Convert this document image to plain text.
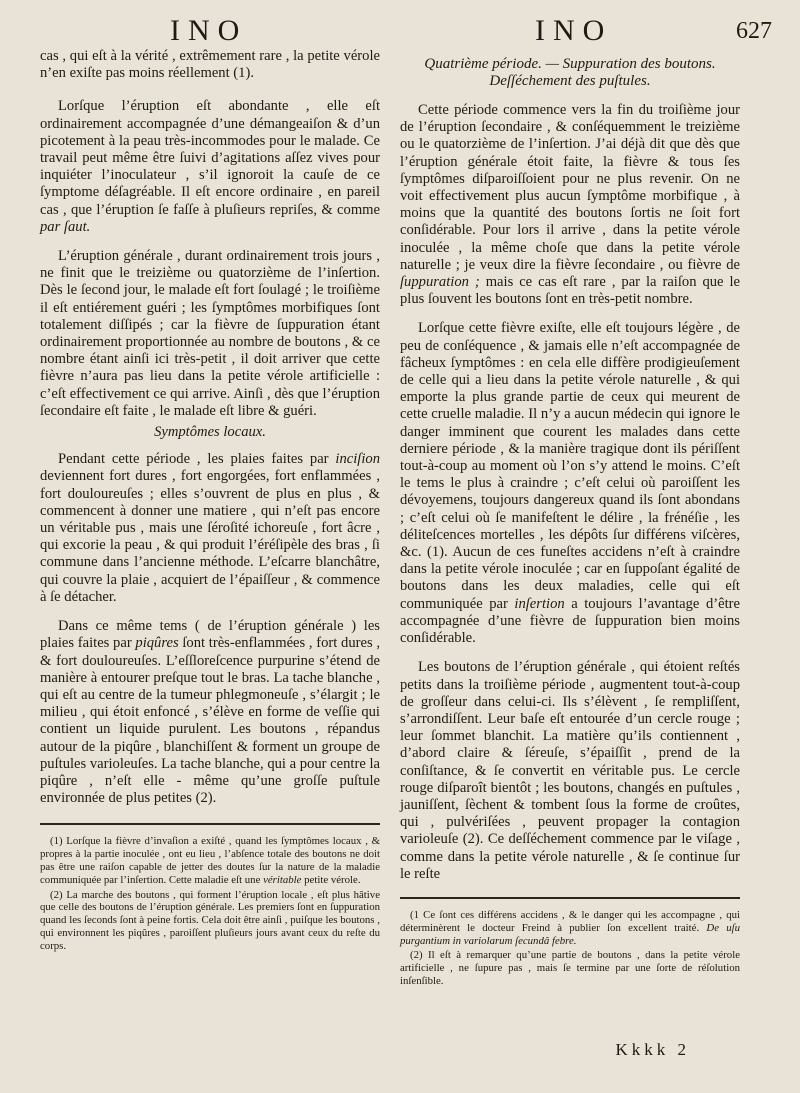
INO	INO	627

cas , qui eſt à la vérité , extrêmement rare , la petite vérole n’en exiſte pas moins réellement (1).

Lorſque l’éruption eſt abondante , elle eſt ordinairement accompagnée d’une démangeaiſon & d’un picotement à la peau très-incommodes pour le malade. Ce travail peut même être ſuivi d’agitations aſſez vives pour inquiéter l’inoculateur , s’il ignoroit la cauſe de ce ſymptome déſagréable. Il eſt encore ordinaire , en pareil cas , que l’éruption ſe faſſe à pluſieurs repriſes, & comme par ſaut.

L’éruption générale , durant ordinairement trois jours , ne finit que le treizième ou quatorzième de l’inſertion. Dès le ſecond jour, le malade eſt fort ſoulagé ; le troiſième il eſt entiérement guéri ; les ſymptômes morbifiques ſont totalement diſſipés ; car la fièvre de ſuppuration étant ordinairement proportionnée au nombre de boutons , & ce nombre étant ainſi ici très-petit , il doit arriver que cette fièvre n’aura pas lieu dans la petite vérole artificielle : c’eſt effectivement ce qui arrive. Ainſi , dès que l’éruption ſecondaire eſt faite , le malade eſt libre & guéri.

Symptômes locaux.

Pendant cette période , les plaies faites par inciſion deviennent fort dures , fort engorgées, fort enflammées , fort douloureuſes ; elles s’ouvrent de plus en plus , & commencent à donner une matiere , qui n’eſt pas encore un véritable pus , mais une ſéroſité ichoreuſe , fort âcre , qui excorie la peau , & qui produit l’éréſipèle des bras , ſi commune dans l’ancienne méthode. L’eſcarre blanchâtre, qui couvre la plaie , acquiert de l’épaiſſeur , & commence à ſe détacher.

Dans ce même tems ( de l’éruption générale ) les plaies faites par piqûres ſont très-enflammées , fort dures , & fort douloureuſes. L’eſſloreſcence purpurine s’étend de manière à entourer preſque tout le bras. La tache blanche , qui eſt au centre de la tumeur phlegmoneuſe , s’élargit ; le milieu , qui étoit enfoncé , s’élève en forme de veſſie qui contient un liquide purulent. Les boutons , répandus autour de la piqûre , blanchiſſent & forment un groupe de puſtules varioleuſes. La tache blanche, qui a pour centre la piqûre , n’eſt elle - même qu’une groſſe puſtule environnée de plus petites (2).

(1) Lorſque la fièvre d’invaſion a exiſté , quand les ſymptômes locaux , & propres à la partie inoculée , ont eu lieu , l’abſence totale des boutons ne doit pas être une raiſon capable de jetter des doutes ſur la nature de la maladie communiquée par l’inſertion. Cette maladie eſt une véritable petite vérole.

(2) La marche des boutons , qui forment l’éruption locale , eſt plus hâtive que celle des boutons de l’éruption générale. Les premiers ſont en ſuppuration quand les ſeconds ſont à peine fortis. Cela doit être ainſi , puiſque les boutons , qui environnent les piqûres , paroiſſent pluſieurs jours avant ceux du reſte du corps.

Quatrième période. — Suppuration des boutons.
Deſſéchement des puſtules.

Cette période commence vers la fin du troiſième jour de l’éruption ſecondaire , & conſéquemment le treizième ou le quatorzième de l’inſertion. J’ai déjà dit que dès que l’éruption générale étoit faite, la fièvre & tous ſes ſymptômes diſparoiſſoient pour ne plus revenir. On ne voit effectivement plus aucun ſymptôme morbifique , à moins que la quantité des boutons ſortis ne ſoit fort conſidérable. Pour lors il arrive , dans la petite vérole inoculée , la même choſe que dans la petite vérole naturelle ; je veux dire la fièvre ſecondaire , ou fièvre de ſuppuration ; mais ce cas eſt rare , par la raiſon que le plus ſouvent les boutons ſont en très-petit nombre.

Lorſque cette fièvre exiſte, elle eſt toujours légère , de peu de conſéquence , & jamais elle n’eſt accompagnée de fâcheux ſymptômes : en cela elle diffère prodigieuſement de celle qui a lieu dans la petite vérole naturelle , & qui emporte la plus grande partie de ceux qui meurent de cette cruelle maladie. Il n’y a aucun médecin qui ignore le danger imminent que courent les malades dans cette derniere période , & la manière tragique dont ils périſſent tout-à-coup au moment où l’on s’y attend le moins. C’eſt le tems le plus à craindre ; c’eſt celui où paroiſſent les dévoyemens, toujours dangereux quand ils ſont abondans ; c’eſt celui où ſe manifeſtent le délire , la frénéſie , les déliteſcences mortelles , les dépôts ſur différens viſcères, &c. (1). Aucun de ces funeſtes accidens n’eſt à craindre dans la petite vérole inoculée ; car en ſuppoſant égalité de boutons dans les deux maladies, celle qui eſt communiquée par inſertion a toujours l’avantage d’être accompagnée d’une fièvre de ſuppuration bien moins conſidérable.

Les boutons de l’éruption générale , qui étoient reſtés petits dans la troiſième période , augmentent tout-à-coup de groſſeur dans celui-ci. Ils s’élèvent , ſe rempliſſent, s’arrondiſſent. Leur baſe eſt entourée d’un cercle rouge ; leur ſommet blanchit. La matière qu’ils contiennent , d’abord claire & ſéreuſe, s’épaiſſit , prend de la conſiſtance, & ſe convertit en véritable pus. Le cercle rouge diſparoît bientôt ; les boutons, changés en puſtules , jauniſſent, ſèchent & tombent ſous la forme de croûtes, qui , pulvériſées , peuvent propager la contagion varioleuſe (2). Ce deſſéchement commence par le viſage , comme dans la petite vérole naturelle , & ſe continue ſur le reſte

(1 Ce ſont ces différens accidens , & le danger qui les accompagne , qui déterminèrent le docteur Freind à publier ſon excellent traité. De uſu purgantium in variolarum ſecundâ febre.

(2) Il eſt à remarquer qu’une partie de boutons , dans la petite vérole artificielle , ne ſupure pas , mais ſe termine par une ſorte de réſolution inſenſible.

Kkkk 2
